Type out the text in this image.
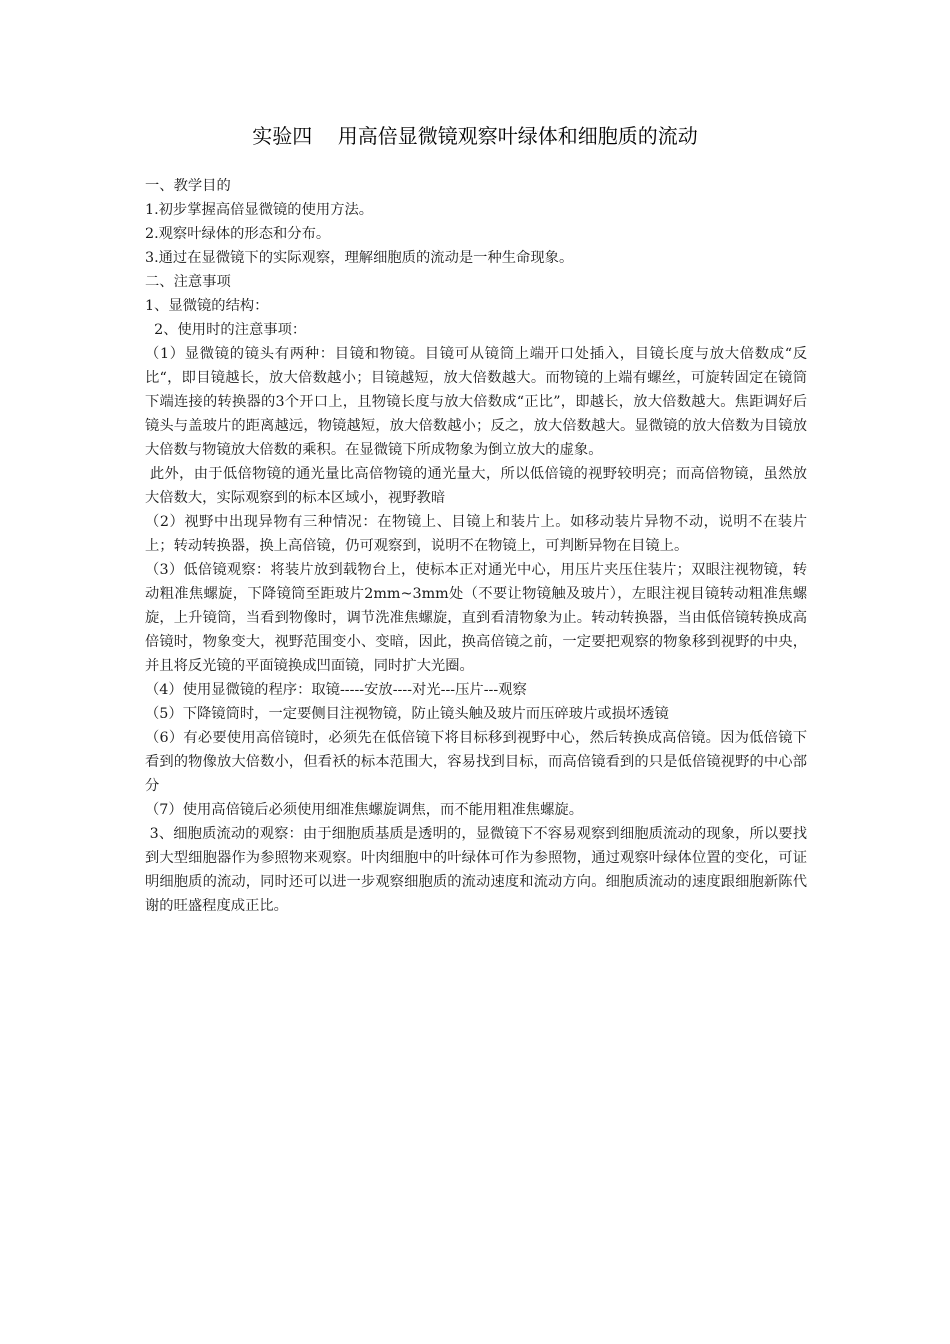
实验四    用高倍显微镜观察叶绿体和细胞质的流动

一、教学目的

1.初步掌握高倍显微镜的使用方法。

2.观察叶绿体的形态和分布。

3.通过在显微镜下的实际观察，理解细胞质的流动是一种生命现象。

二、注意事项

1、显微镜的结构：

2、使用时的注意事项：

（1）显微镜的镜头有两种：目镜和物镜。目镜可从镜筒上端开口处插入，目镜长度与放大倍数成“反比“，即目镜越长，放大倍数越小；目镜越短，放大倍数越大。而物镜的上端有螺丝，可旋转固定在镜筒下端连接的转换器的3个开口上，且物镜长度与放大倍数成“正比”，即越长，放大倍数越大。焦距调好后镜头与盖玻片的距离越远，物镜越短，放大倍数越小；反之，放大倍数越大。显微镜的放大倍数为目镜放大倍数与物镜放大倍数的乘积。在显微镜下所成物象为倒立放大的虚象。

此外，由于低倍物镜的通光量比高倍物镜的通光量大，所以低倍镜的视野较明亮；而高倍物镜，虽然放大倍数大，实际观察到的标本区域小，视野教暗

（2）视野中出现异物有三种情况：在物镜上、目镜上和装片上。如移动装片异物不动，说明不在装片上；转动转换器，换上高倍镜，仍可观察到，说明不在物镜上，可判断异物在目镜上。

（3）低倍镜观察：将装片放到载物台上，使标本正对通光中心，用压片夹压住装片；双眼注视物镜，转动粗准焦螺旋，下降镜筒至距玻片2mm~3mm处（不要让物镜触及玻片），左眼注视目镜转动粗准焦螺旋，上升镜筒，当看到物像时，调节洗准焦螺旋，直到看清物象为止。转动转换器，当由低倍镜转换成高倍镜时，物象变大，视野范围变小、变暗，因此，换高倍镜之前，一定要把观察的物象移到视野的中央，并且将反光镜的平面镜换成凹面镜，同时扩大光圈。

（4）使用显微镜的程序：取镜-----安放----对光---压片---观察

（5）下降镜筒时，一定要侧目注视物镜，防止镜头触及玻片而压碎玻片或损坏透镜

（6）有必要使用高倍镜时，必须先在低倍镜下将目标移到视野中心，然后转换成高倍镜。因为低倍镜下看到的物像放大倍数小，但看袄的标本范围大，容易找到目标，而高倍镜看到的只是低倍镜视野的中心部分

（7）使用高倍镜后必须使用细准焦螺旋调焦，而不能用粗准焦螺旋。

3、细胞质流动的观察：由于细胞质基质是透明的，显微镜下不容易观察到细胞质流动的现象，所以要找到大型细胞器作为参照物来观察。叶肉细胞中的叶绿体可作为参照物，通过观察叶绿体位置的变化，可证明细胞质的流动，同时还可以进一步观察细胞质的流动速度和流动方向。细胞质流动的速度跟细胞新陈代谢的旺盛程度成正比。
